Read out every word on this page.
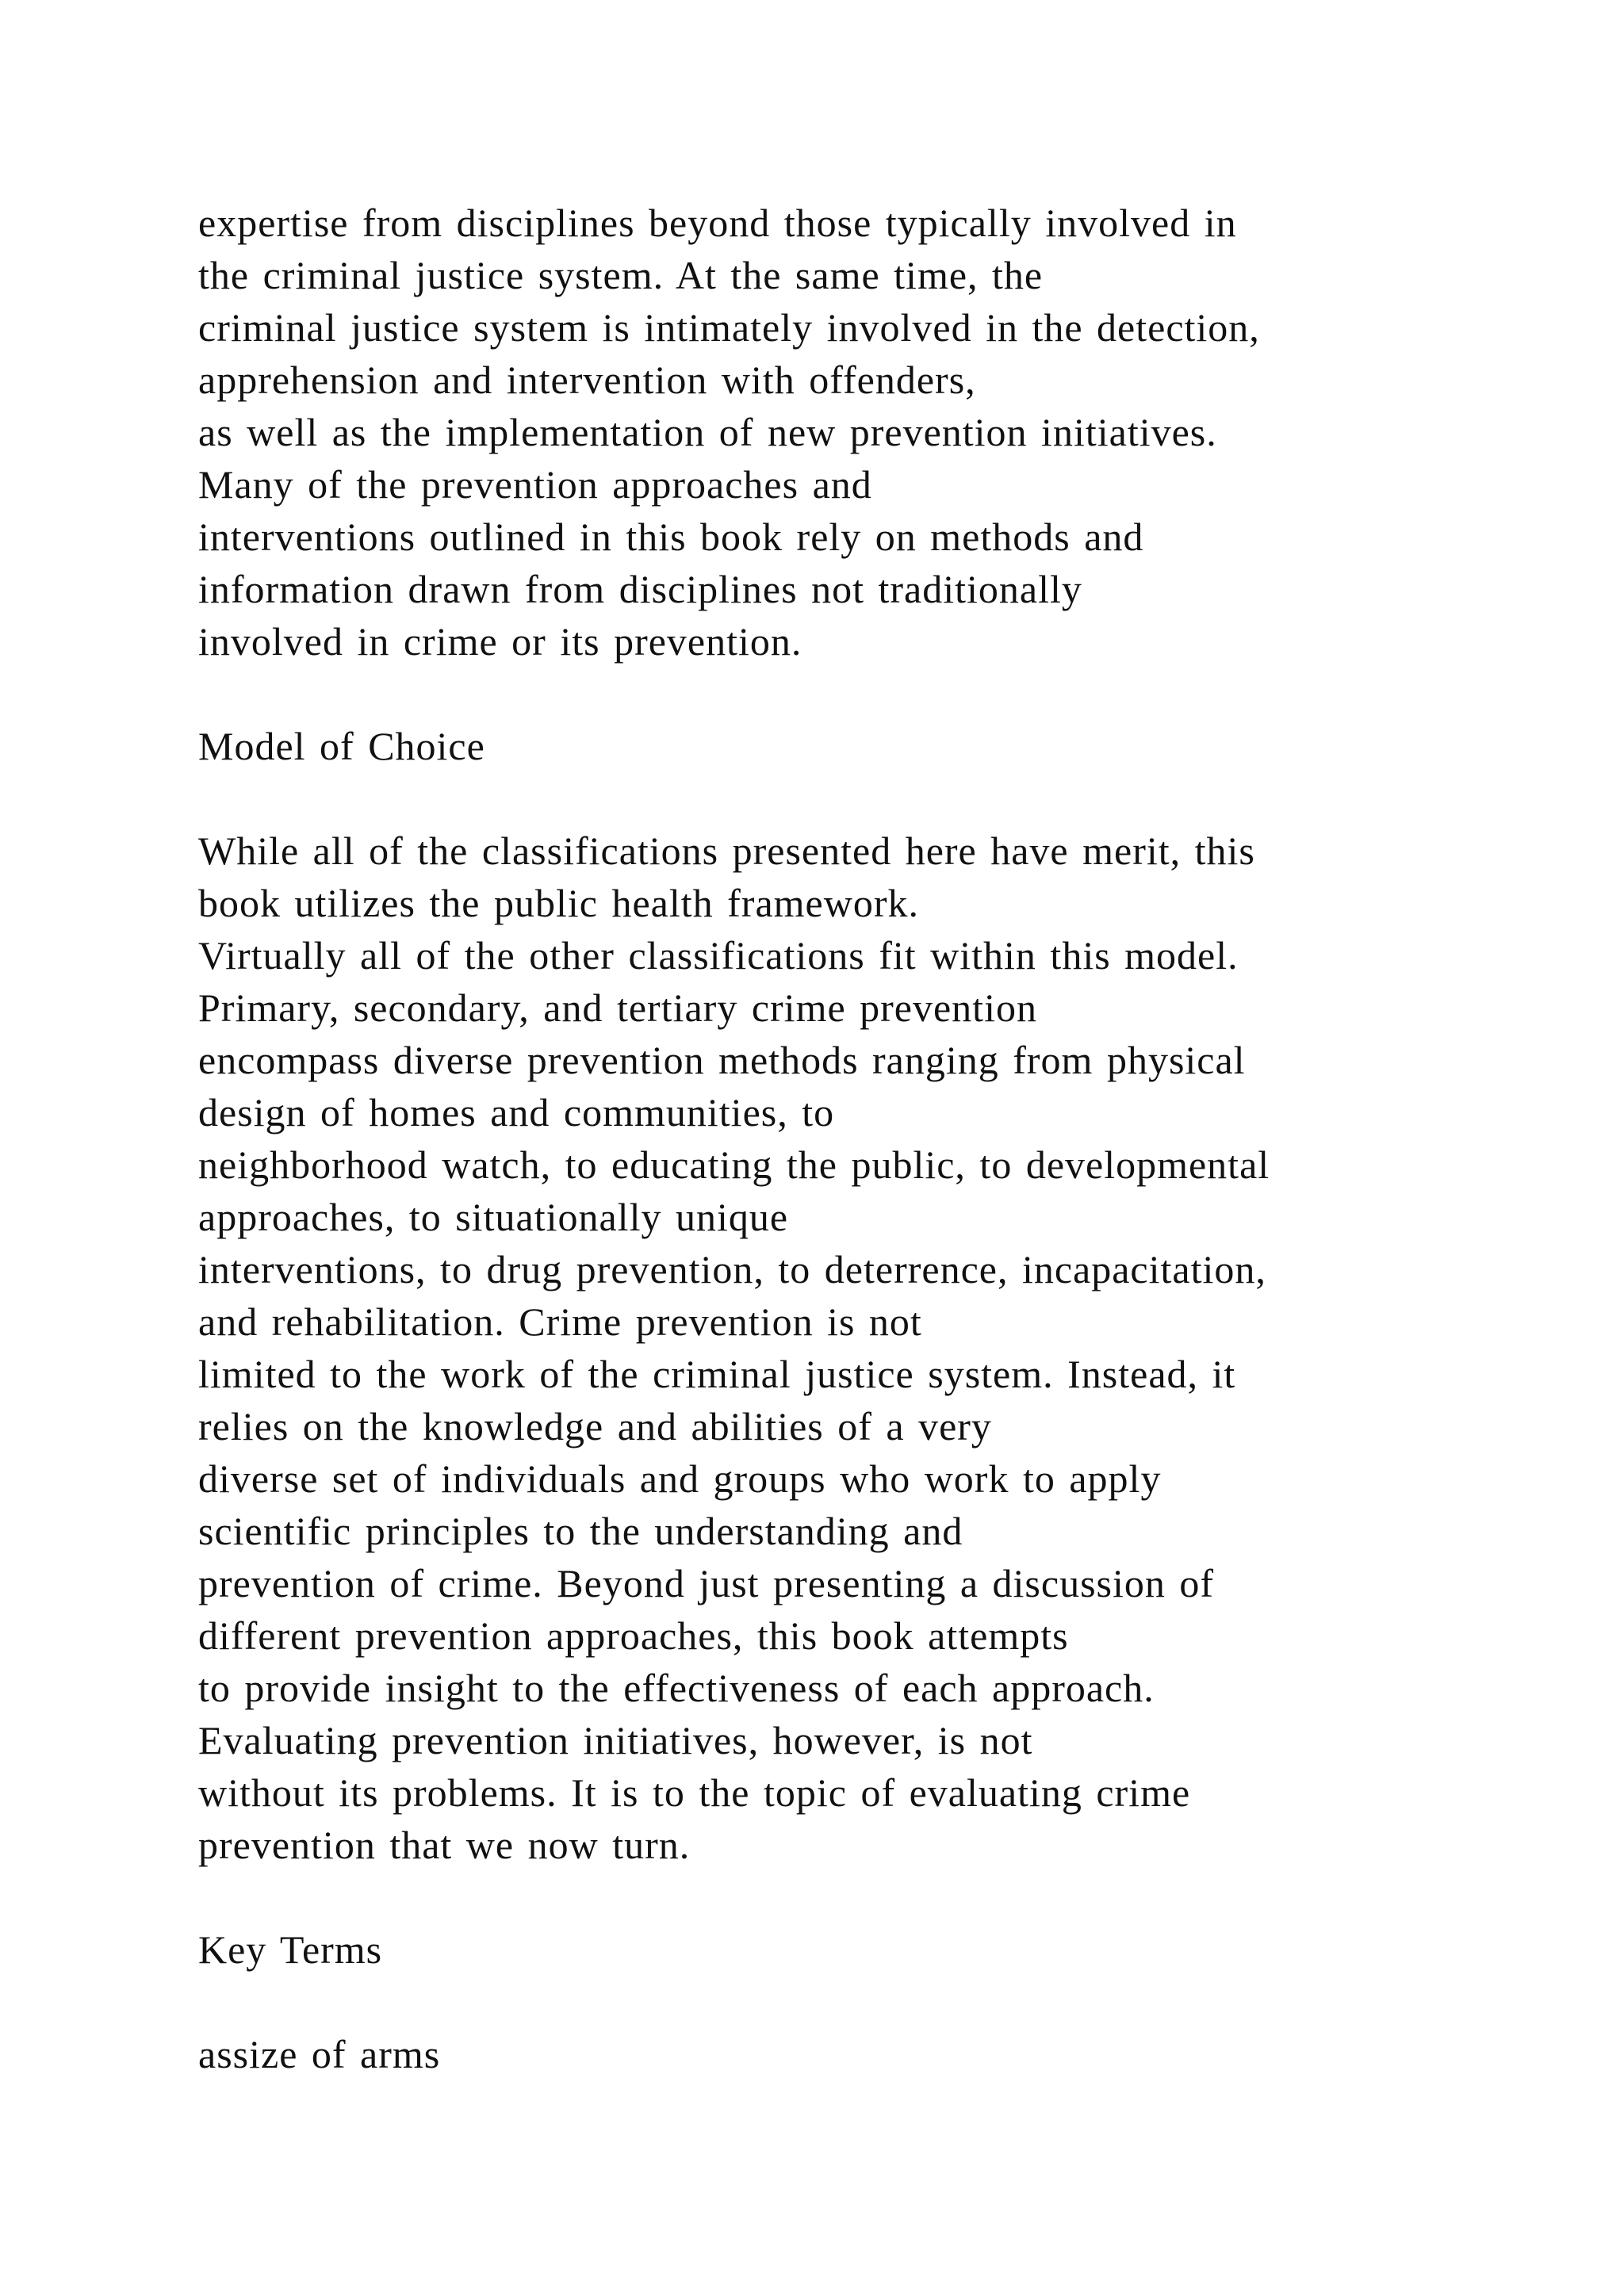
expertise from disciplines beyond those typically involved in
the criminal justice system. At the same time, the
criminal justice system is intimately involved in the detection,
apprehension and intervention with offenders,
as well as the implementation of new prevention initiatives.
Many of the prevention approaches and
interventions outlined in this book rely on methods and
information drawn from disciplines not traditionally
involved in crime or its prevention.
Model of Choice
While all of the classifications presented here have merit, this
book utilizes the public health framework.
Virtually all of the other classifications fit within this model.
Primary, secondary, and tertiary crime prevention
encompass diverse prevention methods ranging from physical
design of homes and communities, to
neighborhood watch, to educating the public, to developmental
approaches, to situationally unique
interventions, to drug prevention, to deterrence, incapacitation,
and rehabilitation. Crime prevention is not
limited to the work of the criminal justice system. Instead, it
relies on the knowledge and abilities of a very
diverse set of individuals and groups who work to apply
scientific principles to the understanding and
prevention of crime. Beyond just presenting a discussion of
different prevention approaches, this book attempts
to provide insight to the effectiveness of each approach.
Evaluating prevention initiatives, however, is not
without its problems. It is to the topic of evaluating crime
prevention that we now turn.
Key Terms
assize of arms
